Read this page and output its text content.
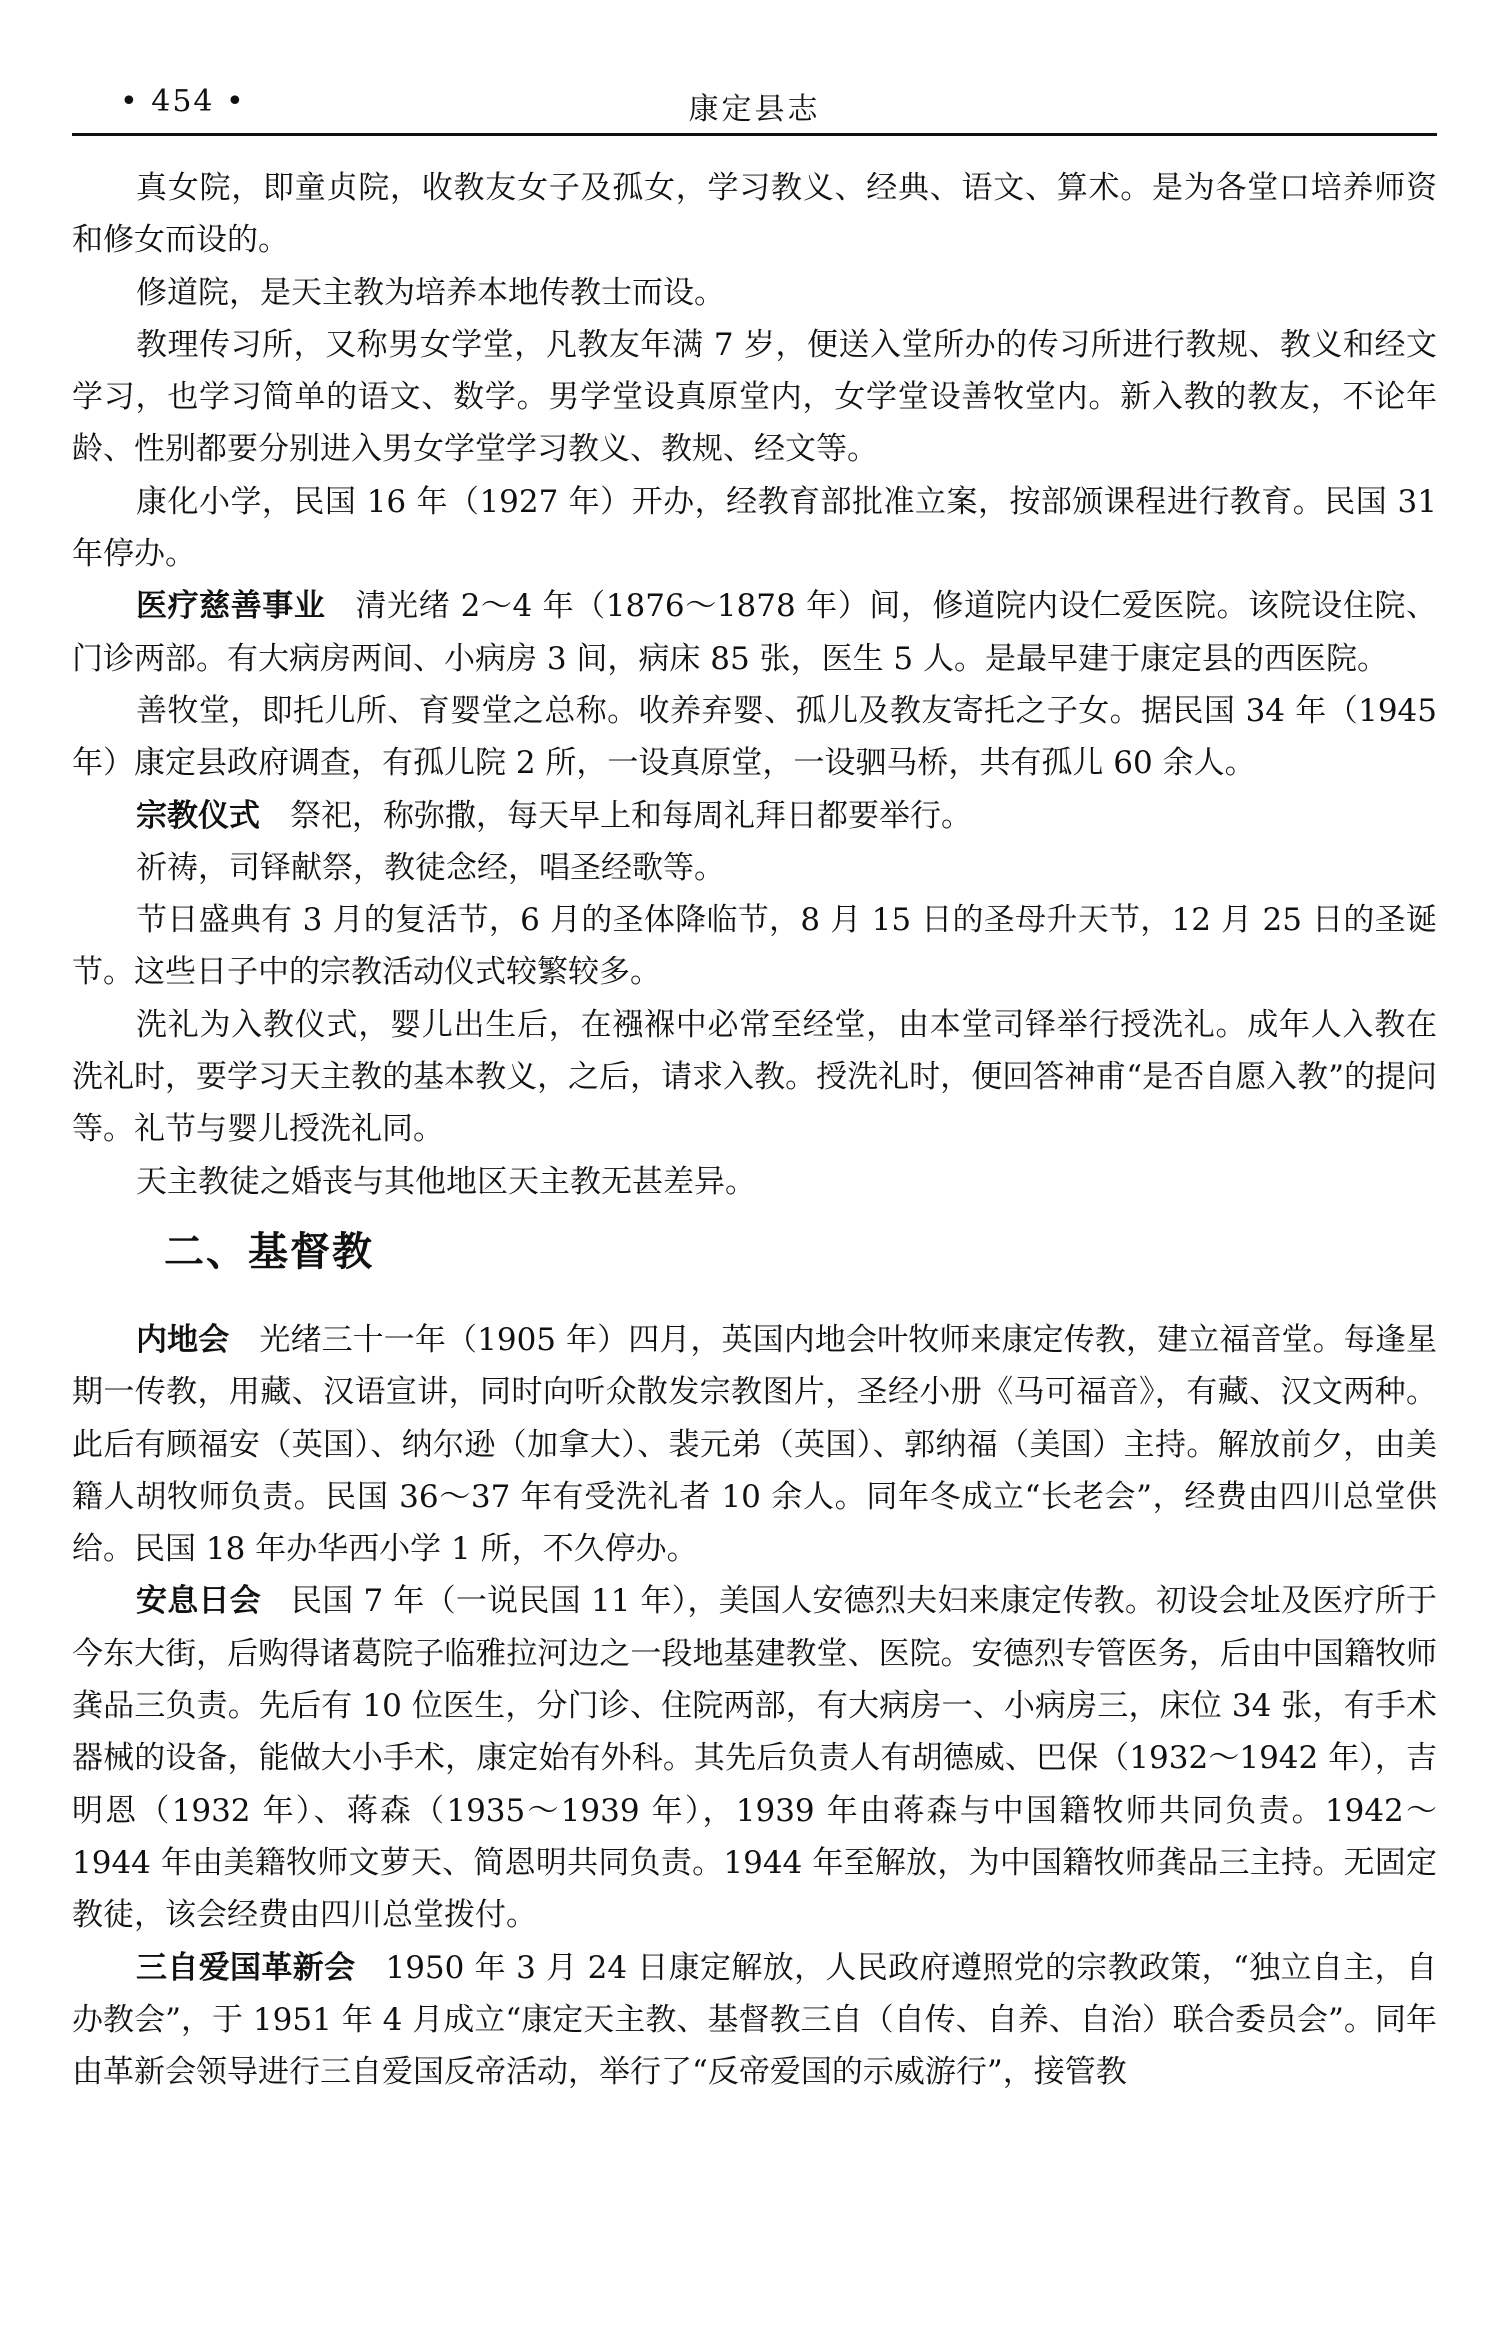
• 454 •	康定县志

真女院，即童贞院，收教友女子及孤女，学习教义、经典、语文、算术。是为各堂口培养师资和修女而设的。

修道院，是天主教为培养本地传教士而设。

教理传习所，又称男女学堂，凡教友年满 7 岁，便送入堂所办的传习所进行教规、教义和经文学习，也学习简单的语文、数学。男学堂设真原堂内，女学堂设善牧堂内。新入教的教友，不论年龄、性别都要分别进入男女学堂学习教义、教规、经文等。

康化小学，民国 16 年（1927 年）开办，经教育部批准立案，按部颁课程进行教育。民国 31 年停办。

医疗慈善事业 清光绪 2～4 年（1876～1878 年）间，修道院内设仁爱医院。该院设住院、门诊两部。有大病房两间、小病房 3 间，病床 85 张，医生 5 人。是最早建于康定县的西医院。

善牧堂，即托儿所、育婴堂之总称。收养弃婴、孤儿及教友寄托之子女。据民国 34 年（1945 年）康定县政府调查，有孤儿院 2 所，一设真原堂，一设驷马桥，共有孤儿 60 余人。

宗教仪式 祭祀，称弥撒，每天早上和每周礼拜日都要举行。

祈祷，司铎献祭，教徒念经，唱圣经歌等。

节日盛典有 3 月的复活节，6 月的圣体降临节，8 月 15 日的圣母升天节，12 月 25 日的圣诞节。这些日子中的宗教活动仪式较繁较多。

洗礼为入教仪式，婴儿出生后，在襁褓中必常至经堂，由本堂司铎举行授洗礼。成年人入教在洗礼时，要学习天主教的基本教义，之后，请求入教。授洗礼时，便回答神甫“是否自愿入教”的提问等。礼节与婴儿授洗礼同。

天主教徒之婚丧与其他地区天主教无甚差异。

二、基督教

内地会 光绪三十一年（1905 年）四月，英国内地会叶牧师来康定传教，建立福音堂。每逢星期一传教，用藏、汉语宣讲，同时向听众散发宗教图片，圣经小册《马可福音》，有藏、汉文两种。此后有顾福安（英国）、纳尔逊（加拿大）、裴元弟（英国）、郭纳福（美国）主持。解放前夕，由美籍人胡牧师负责。民国 36～37 年有受洗礼者 10 余人。同年冬成立“长老会”，经费由四川总堂供给。民国 18 年办华西小学 1 所，不久停办。

安息日会 民国 7 年（一说民国 11 年），美国人安德烈夫妇来康定传教。初设会址及医疗所于今东大街，后购得诸葛院子临雅拉河边之一段地基建教堂、医院。安德烈专管医务，后由中国籍牧师龚品三负责。先后有 10 位医生，分门诊、住院两部，有大病房一、小病房三，床位 34 张，有手术器械的设备，能做大小手术，康定始有外科。其先后负责人有胡德威、巴保（1932～1942 年），吉明恩（1932 年）、蒋森（1935～1939 年），1939 年由蒋森与中国籍牧师共同负责。1942～1944 年由美籍牧师文萝天、简恩明共同负责。1944 年至解放，为中国籍牧师龚品三主持。无固定教徒，该会经费由四川总堂拨付。

三自爱国革新会 1950 年 3 月 24 日康定解放，人民政府遵照党的宗教政策，“独立自主，自办教会”，于 1951 年 4 月成立“康定天主教、基督教三自（自传、自养、自治）联合委员会”。同年由革新会领导进行三自爱国反帝活动，举行了“反帝爱国的示威游行”，接管教
